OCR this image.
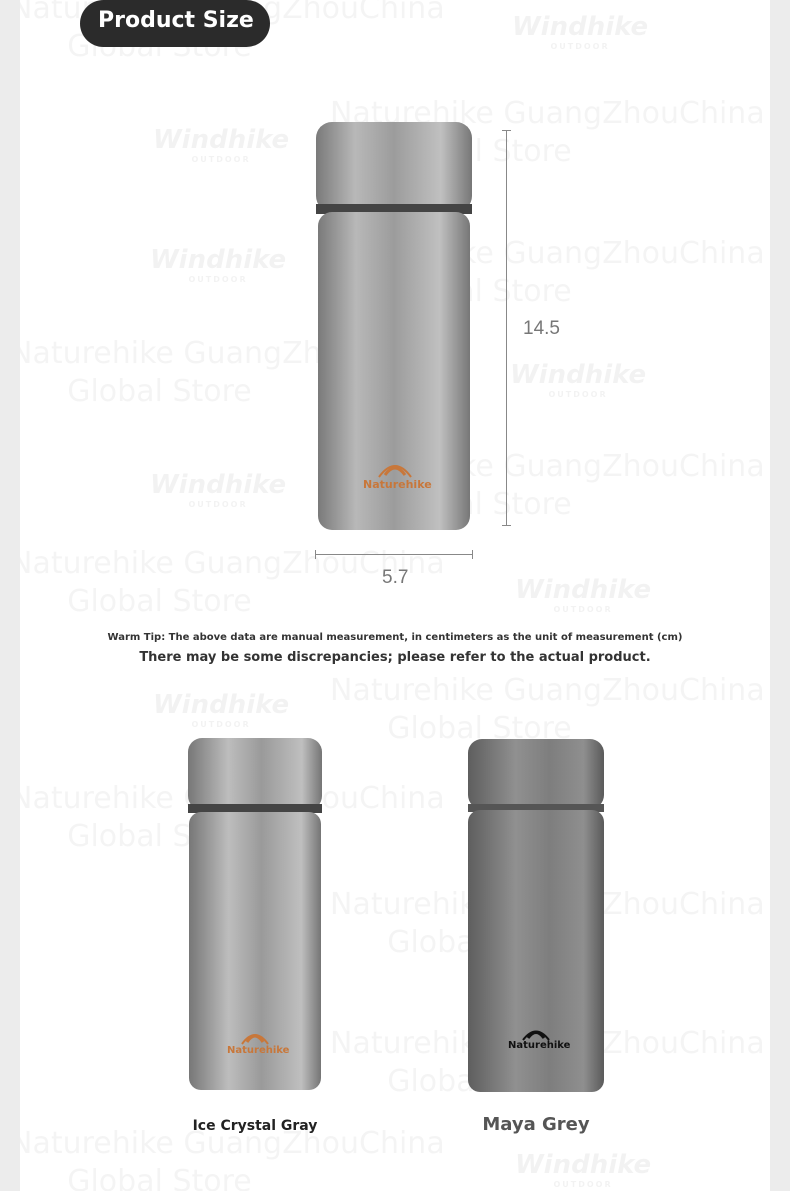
Windhike OUTDOOR
Windhike OUTDOOR
Windhike OUTDOOR
Windhike OUTDOOR
Windhike OUTDOOR
Windhike OUTDOOR
Windhike OUTDOOR
Windhike OUTDOOR
Product Size
Naturehike
14.5
5.7
Warm Tip: The above data are manual measurement, in centimeters as the unit of measurement (cm)
There may be some discrepancies; please refer to the actual product.
Naturehike
Ice Crystal Gray
Naturehike
Maya Grey
